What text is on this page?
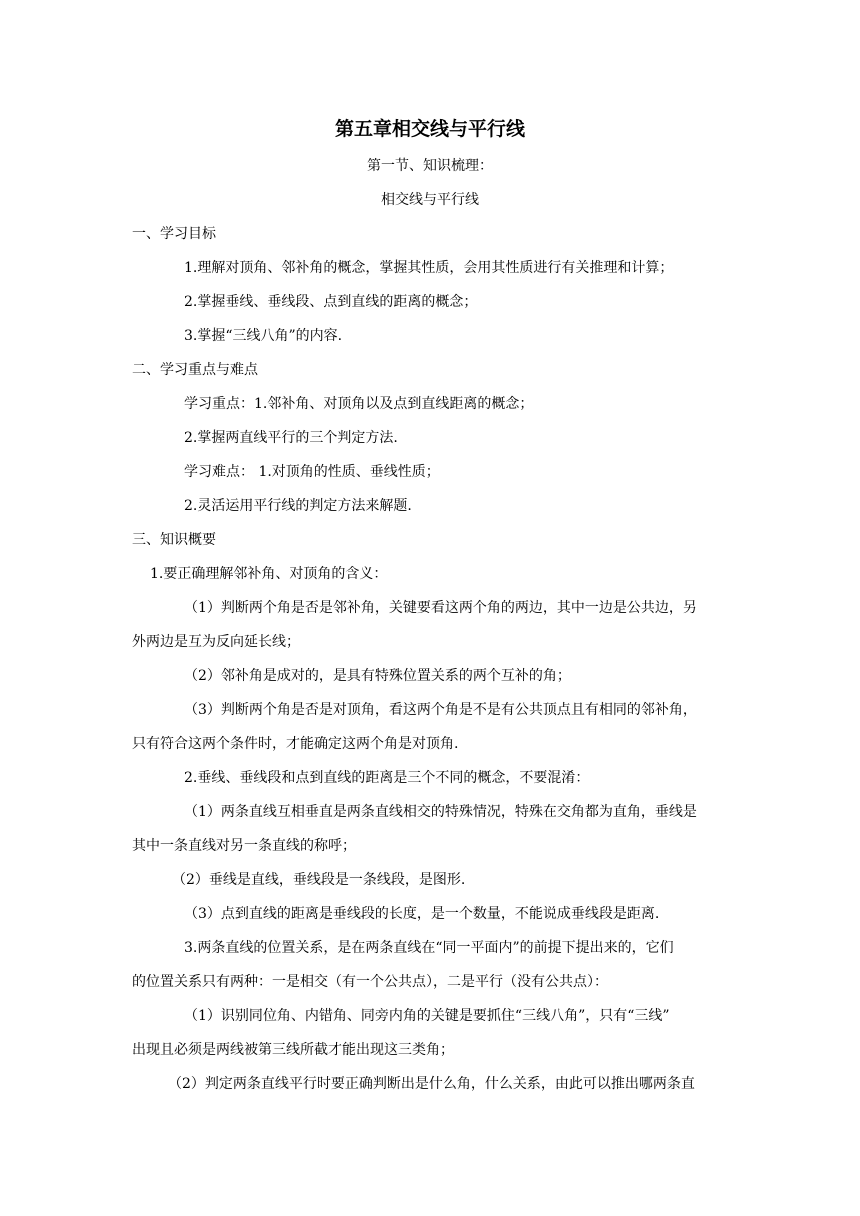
第五章相交线与平行线
第一节、知识梳理：
相交线与平行线
一、学习目标
1.理解对顶角、邻补角的概念，掌握其性质，会用其性质进行有关推理和计算；
2.掌握垂线、垂线段、点到直线的距离的概念；
3.掌握“三线八角”的内容.
二、学习重点与难点
学习重点：1.邻补角、对顶角以及点到直线距离的概念；
2.掌握两直线平行的三个判定方法.
学习难点： 1.对顶角的性质、垂线性质；
2.灵活运用平行线的判定方法来解题.
三、知识概要
1.要正确理解邻补角、对顶角的含义：
（1）判断两个角是否是邻补角，关键要看这两个角的两边，其中一边是公共边，另
外两边是互为反向延长线；
（2）邻补角是成对的，是具有特殊位置关系的两个互补的角；
（3）判断两个角是否是对顶角，看这两个角是不是有公共顶点且有相同的邻补角，
只有符合这两个条件时，才能确定这两个角是对顶角.
2.垂线、垂线段和点到直线的距离是三个不同的概念，不要混淆：
（1）两条直线互相垂直是两条直线相交的特殊情况，特殊在交角都为直角，垂线是
其中一条直线对另一条直线的称呼；
（2）垂线是直线，垂线段是一条线段，是图形.
（3）点到直线的距离是垂线段的长度，是一个数量，不能说成垂线段是距离.
3.两条直线的位置关系，是在两条直线在“同一平面内”的前提下提出来的，它们
的位置关系只有两种：一是相交（有一个公共点），二是平行（没有公共点）：
（1）识别同位角、内错角、同旁内角的关键是要抓住“三线八角”，只有“三线”
出现且必须是两线被第三线所截才能出现这三类角；
（2）判定两条直线平行时要正确判断出是什么角，什么关系，由此可以推出哪两条直
